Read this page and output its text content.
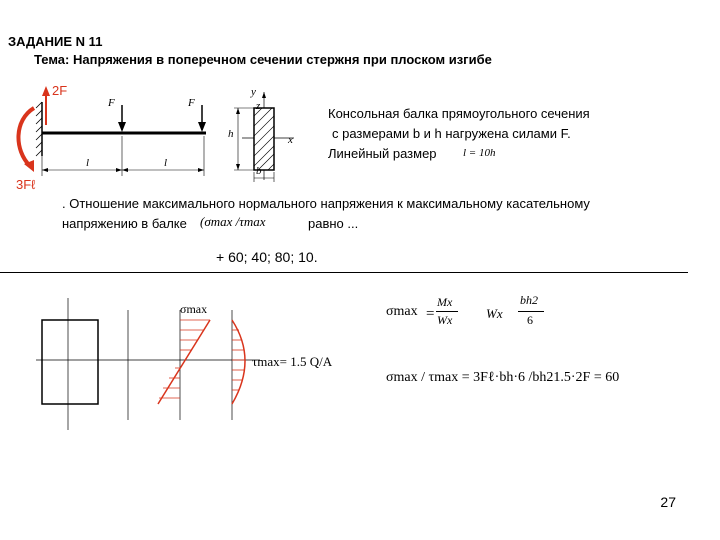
ЗАДАНИЕ N 11
Тема: Напряжения в поперечном сечении стержня при плоском изгибе
2F
3Fℓ
F	F
l	l
y
z
x
h
b
Консольная балка прямоугольного сечения
с размерами b и h нагружена силами F.
Линейный размер l = 10h
. Отношение максимального нормального напряжения к максимальному касательному
напряжению в балке (σmax /τmax	равно ...
+ 60; 40; 80; 10.
σmax
τmax= 1.5 Q/A
σmax =
Mx
Wx	Wx
bh2
6
σmax / τmax = 3Fℓ·bh·6 /bh21.5·2F = 60
27
